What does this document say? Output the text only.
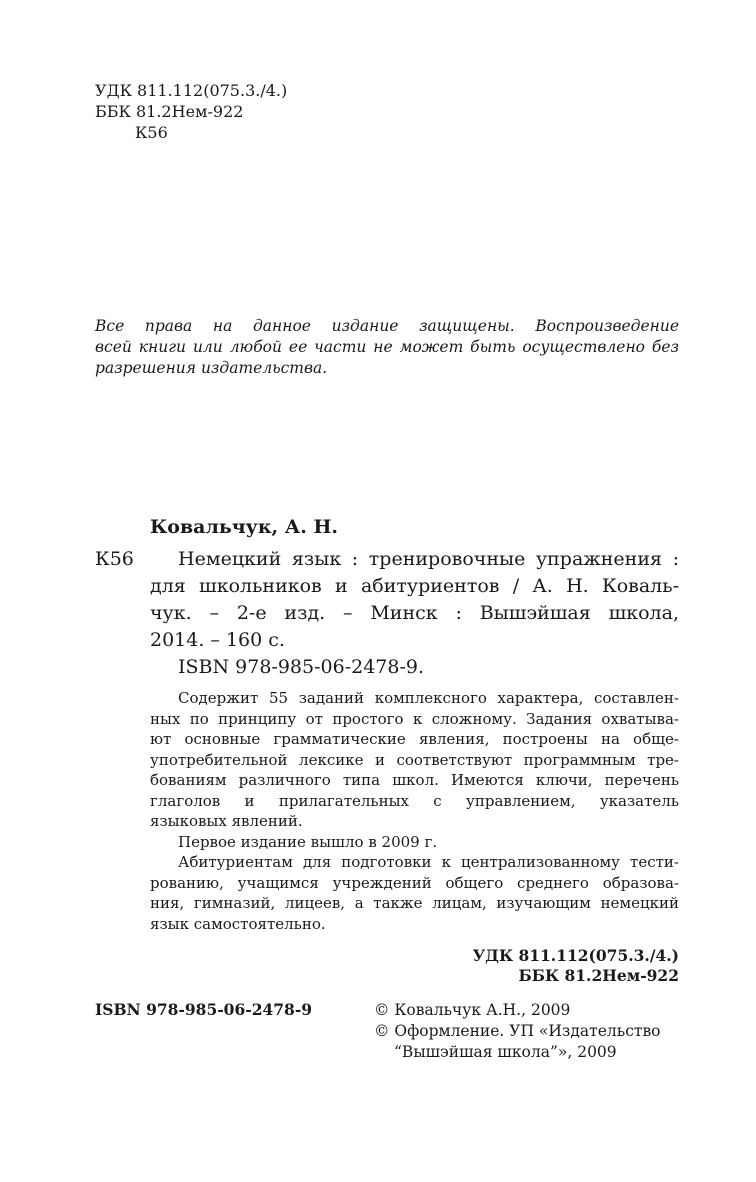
УДК 811.112(075.3./4.)
ББК 81.2Нем-922
К56
Все права на данное издание защищены. Воспроизведение
всей книги или любой ее части не может быть осуществлено без
разрешения издательства.
Ковальчук, А. Н.
К56	Немецкий язык : тренировочные упражнения :
для школьников и абитуриентов / А. Н. Коваль-
чук. – 2-е изд. – Минск : Вышэйшая школа,
2014. – 160 с.
ISBN 978-985-06-2478-9.
Содержит 55 заданий комплексного характера, составлен-
ных по принципу от простого к сложному. Задания охватыва-
ют основные грамматические явления, построены на обще-
употребительной лексике и соответствуют программным тре-
бованиям различного типа школ. Имеются ключи, перечень
глаголов и прилагательных с управлением, указатель
языковых явлений.
Первое издание вышло в 2009 г.
Абитуриентам для подготовки к централизованному тести-
рованию, учащимся учреждений общего среднего образова-
ния, гимназий, лицеев, а также лицам, изучающим немецкий
язык самостоятельно.
УДК 811.112(075.3./4.)
ББК 81.2Нем-922
ISBN 978-985-06-2478-9	© Ковальчук А.Н., 2009
© Оформление. УП «Издательство
“Вышэйшая школа”», 2009
